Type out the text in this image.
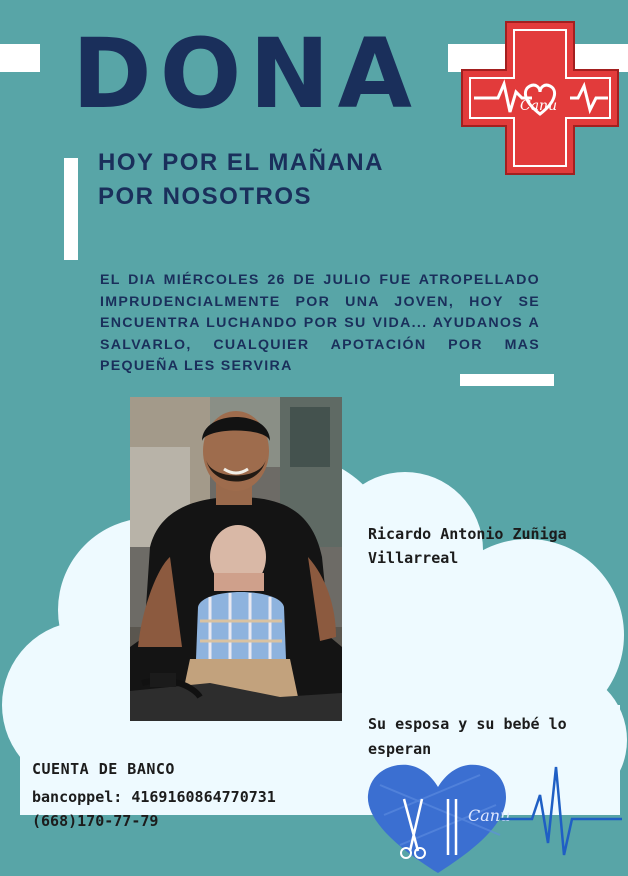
DONA	Canu
HOY POR EL MAÑANA
POR NOSOTROS

EL DIA MIÉRCOLES 26 DE JULIO FUE ATROPELLADO IMPRUDENCIALMENTE POR UNA JOVEN, HOY SE ENCUENTRA LUCHANDO POR SU VIDA... AYUDANOS A SALVARLO, CUALQUIER APOTACIÓN POR MAS PEQUEÑA LES SERVIRA

Ricardo Antonio Zuñiga Villarreal

Su esposa y su bebé lo esperan

CUENTA DE BANCO
bancoppel: 4169160864770731
(668)170-77-79	Canu
